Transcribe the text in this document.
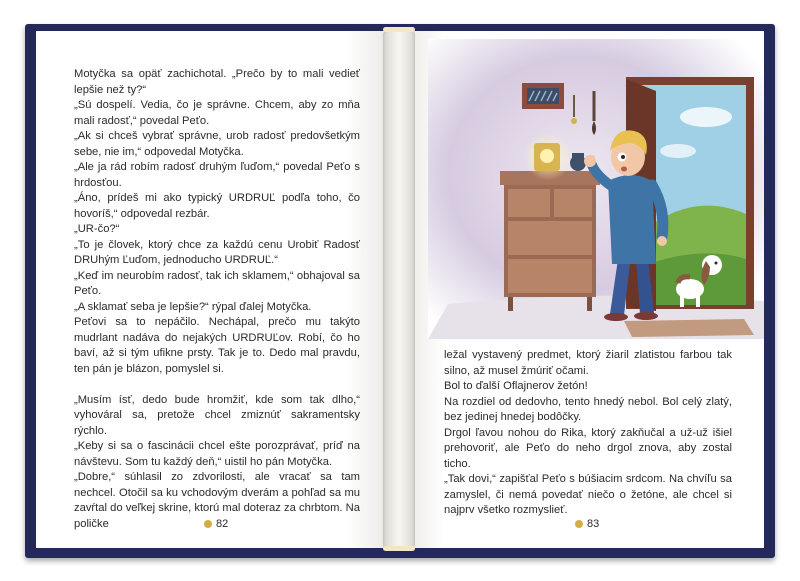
Motyčka sa opäť zachichotal. „Prečo by to mali vedieť lepšie než ty?“

„Sú dospelí. Vedia, čo je správne. Chcem, aby zo mňa mali radosť,“ povedal Peťo.

„Ak si chceš vybrať správne, urob radosť predovšetkým sebe, nie im,“ odpovedal Motyčka.

„Ale ja rád robím radosť druhým ľuďom,“ povedal Peťo s hrdosťou.

„Áno, prídeš mi ako typický URDRUĽ podľa toho, čo hovoríš,“ odpovedal rezbár.

„UR-čo?“

„To je človek, ktorý chce za každú cenu Urobiť Radosť DRUhým Ľuďom, jednoducho URDRUĽ.“

„Keď im neurobím radosť, tak ich sklamem,“ obhajoval sa Peťo.

„A sklamať seba je lepšie?“ rýpal ďalej Motyčka.

Peťovi sa to nepáčilo. Nechápal, prečo mu takýto mudrlant nadáva do nejakých URDRUĽov. Robí, čo ho baví, až si tým ufikne prsty. Tak je to. Dedo mal pravdu, ten pán je blázon, pomyslel si.

„Musím ísť, dedo bude hromžiť, kde som tak dlho,“ vyhováral sa, pretože chcel zmiznúť sakramentsky rýchlo.

„Keby si sa o fascinácii chcel ešte porozprávať, príď na návštevu. Som tu každý deň,“ uistil ho pán Motyčka.

„Dobre,“ súhlasil zo zdvorilosti, ale vracať sa tam nechcel. Otočil sa ku vchodovým dverám a pohľad sa mu zavŕtal do veľkej skrine, ktorú mal doteraz za chrbtom. Na poličke	82

ležal vystavený predmet, ktorý žiaril zlatistou farbou tak silno, až musel žmúriť očami.

Bol to ďalší Oflajnerov žetón!

Na rozdiel od dedovho, tento hnedý nebol. Bol celý zlatý, bez jedinej hnedej bodôčky.

Drgol ľavou nohou do Rika, ktorý zakňučal a už-už išiel prehovoriť, ale Peťo do neho drgol znova, aby zostal ticho.

„Tak dovi,“ zapišťal Peťo s búšiacim srdcom. Na chvíľu sa zamyslel, či nemá povedať niečo o žetóne, ale chcel si najprv všetko rozmyslieť.

83
